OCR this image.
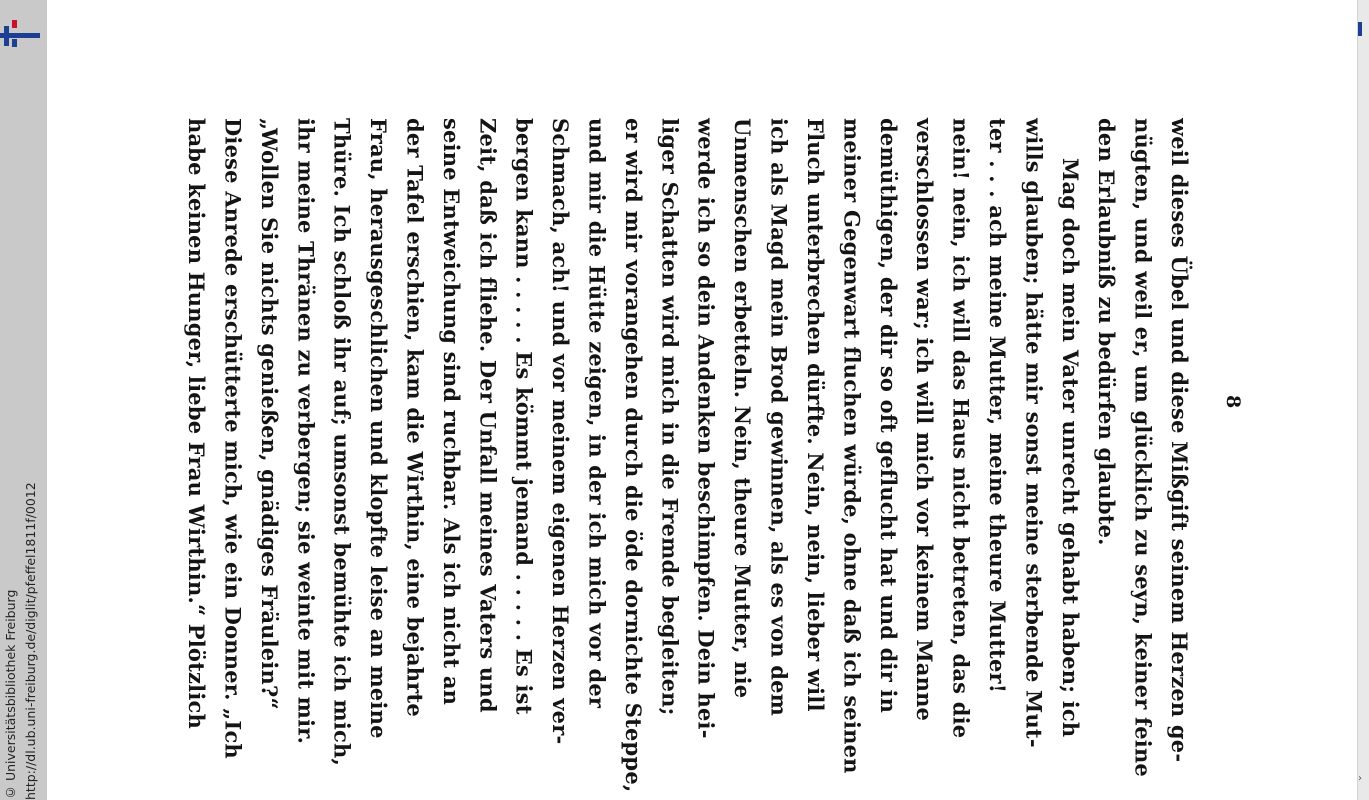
http://dl.ub.uni-freiburg.de/diglit/pfeffel1811f/0012
© Universitätsbibliothek Freiburg
8
weil dieses Übel und diese Mißgift seinem Herzen ge-
nügten, und weil er, um glücklich zu seyn, keiner feine
den Erlaubniß zu bedürfen glaubte.
Mag doch mein Vater unrecht gehabt haben; ich
wills glauben; hätte mir sonst meine sterbende Mut-
ter . . . ach meine Mutter, meine theure Mutter!
nein! nein, ich will das Haus nicht betreten, das die
verschlossen war; ich will mich vor keinem Manne
demüthigen, der dir so oft geflucht hat und dir in
meiner Gegenwart fluchen würde, ohne daß ich seinen
Fluch unterbrechen dürfte. Nein, nein, lieber will
ich als Magd mein Brod gewinnen, als es von dem
Unmenschen erbetteln. Nein, theure Mutter, nie
werde ich so dein Andenken beschimpfen. Dein hei-
liger Schatten wird mich in die Fremde begleiten;
er wird mir vorangehen durch die öde dornichte Steppe,
und mir die Hütte zeigen, in der ich mich vor der
Schmach, ach! und vor meinem eigenen Herzen ver-
bergen kann . . . . . Es kömmt jemand . . . . . Es ist
Zeit, daß ich fliehe. Der Unfall meines Vaters und
seine Entweichung sind ruchbar. Als ich nicht an
der Tafel erschien, kam die Wirthin, eine bejahrte
Frau, herausgeschlichen und klopfte leise an meine
Thüre. Ich schloß ihr auf; umsonst bemühte ich mich,
ihr meine Thränen zu verbergen; sie weinte mit mir.
„Wollen Sie nichts genießen, gnädiges Fräulein?“
Diese Anrede erschütterte mich, wie ein Donner. „Ich
habe keinen Hunger, liebe Frau Wirthin.“ Plötzlich
›
